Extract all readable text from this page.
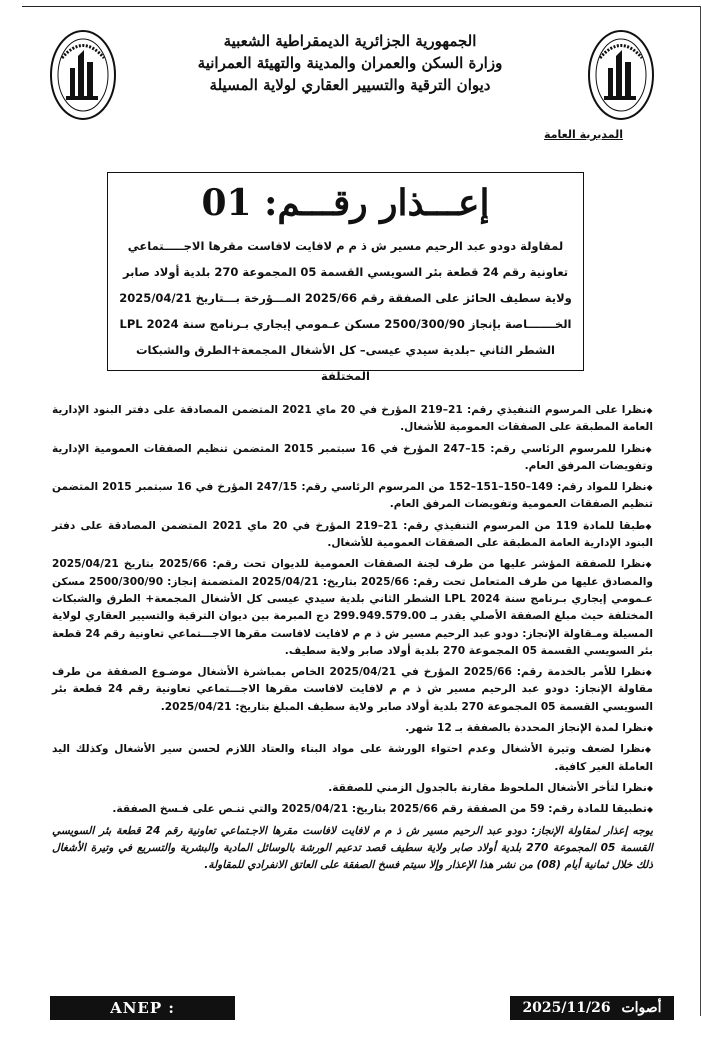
الجمهورية الجزائرية الديمقراطية الشعبية
وزارة السكن والعمران والمدينة والتهيئة العمرانية
ديوان الترقية والتسيير العقاري لولاية المسيلة
المديرية العامة
إعـــذار رقـــم: 01
لمقاولة دودو عبد الرحيم مسير ش ذ م م لافايت لافاست مقرها الاجـــــتماعي تعاونية رقم 24 قطعة بئر السويسي القسمة 05 المجموعة 270 بلدية أولاد صابر ولاية سطيف الحائز على الصفقة رقم 2025/66 المـــؤرخة بـــتاريخ 2025/04/21 الخـــــــاصة بإنجاز 2500/300/90 مسكن عـمومي إيجاري بـرنامج سنة 2024 LPL الشطر الثاني –بلدية سيدي عيسى– كل الأشغال المجمعة+الطرق والشبكات المختلفة

◆ نظرا على المرسوم التنفيذي رقم: 21–219 المؤرخ في 20 ماي 2021 المتضمن المصادقة على دفتر البنود الإدارية العامة المطبقة على الصفقات العمومية للأشغال.

◆ نظرا للمرسوم الرئاسي رقم: 15–247 المؤرخ في 16 سبتمبر 2015 المتضمن تنظيم الصفقات العمومية الإدارية وتفويضات المرفق العام.

◆ نظرا للمواد رقم: 149–150–151–152 من المرسوم الرئاسي رقم: 247/15 المؤرخ في 16 سبتمبر 2015 المتضمن تنظيم الصفقات العمومية وتفويضات المرفق العام.

◆ طبقا للمادة 119 من المرسوم التنفيذي رقم: 21–219 المؤرخ في 20 ماي 2021 المتضمن المصادقة على دفتر البنود الإدارية العامة المطبقة على الصفقات العمومية للأشغال.

◆ نظرا للصفقة المؤشر عليها من طرف لجنة الصفقات العمومية للديوان تحت رقم: 2025/66 بتاريخ 2025/04/21 والمصادق عليها من طرف المتعامل تحت رقم: 2025/66 بتاريخ: 2025/04/21 المتضمنة إنجاز: 2500/300/90 مسكن عـمومي إيجاري بـرنامج سنة 2024 LPL الشطر الثاني بلدية سيدي عيسى كل الأشغال المجمعة+ الطرق والشبكات المختلفة حيث مبلغ الصفقة الأصلي يقدر بـ 299.949.579.00 دج المبرمة بين ديوان الترقية والتسيير العقاري لولاية المسيلة ومـقاولة الإنجاز: دودو عبد الرحيم مسير ش ذ م م لافايت لافاست مقرها الاجـــتماعي تعاونية رقم 24 قطعة بئر السويسي القسمة 05 المجموعة 270 بلدية أولاد صابر ولاية سطيف.

◆ نظرا للأمر بالخدمة رقم: 2025/66 المؤرخ في 2025/04/21 الخاص بمباشرة الأشغال موضـوع الصفقة من طرف مقاولة الإنجاز: دودو عبد الرحيم مسير ش ذ م م لافايت لافاست مقرها الاجـــتماعي تعاونية رقم 24 قطعة بئر السويسي القسمة 05 المجموعة 270 بلدية أولاد صابر ولاية سطيف المبلغ بتاريخ: 2025/04/21.

◆ نظرا لمدة الإنجاز المحددة بالصفقة بـ 12 شهر.

◆ نظرا لضعف وتيرة الأشغال وعدم احتواء الورشة على مواد البناء والعتاد اللازم لحسن سير الأشغال وكذلك اليد العاملة الغير كافية.

◆ نظرا لتأخر الأشغال الملحوظ مقارنة بالجدول الزمني للصفقة.

◆ تطبيقا للمادة رقم: 59 من الصفقة رقم 2025/66 بتاريخ: 2025/04/21 والتي تنـص على فـسخ الصفقة.

يوجه إعذار لمقاولة الإنجاز: دودو عبد الرحيم مسير ش ذ م م لافايت لافاست مقرها الاجـتماعي تعاونية رقم 24 قطعة بئر السويسي القسمة 05 المجموعة 270 بلدية أولاد صابر ولاية سطيف قصد تدعيم الورشة بالوسائل المادية والبشرية والتسريع في وتيرة الأشغال ذلك خلال ثمانية أيام (08) من نشر هذا الإعذار وإلا سيتم فسخ الصفقة على العاتق الانفرادي للمقاولة.

ANEP : 2516036967
2025/11/26 أصوات
